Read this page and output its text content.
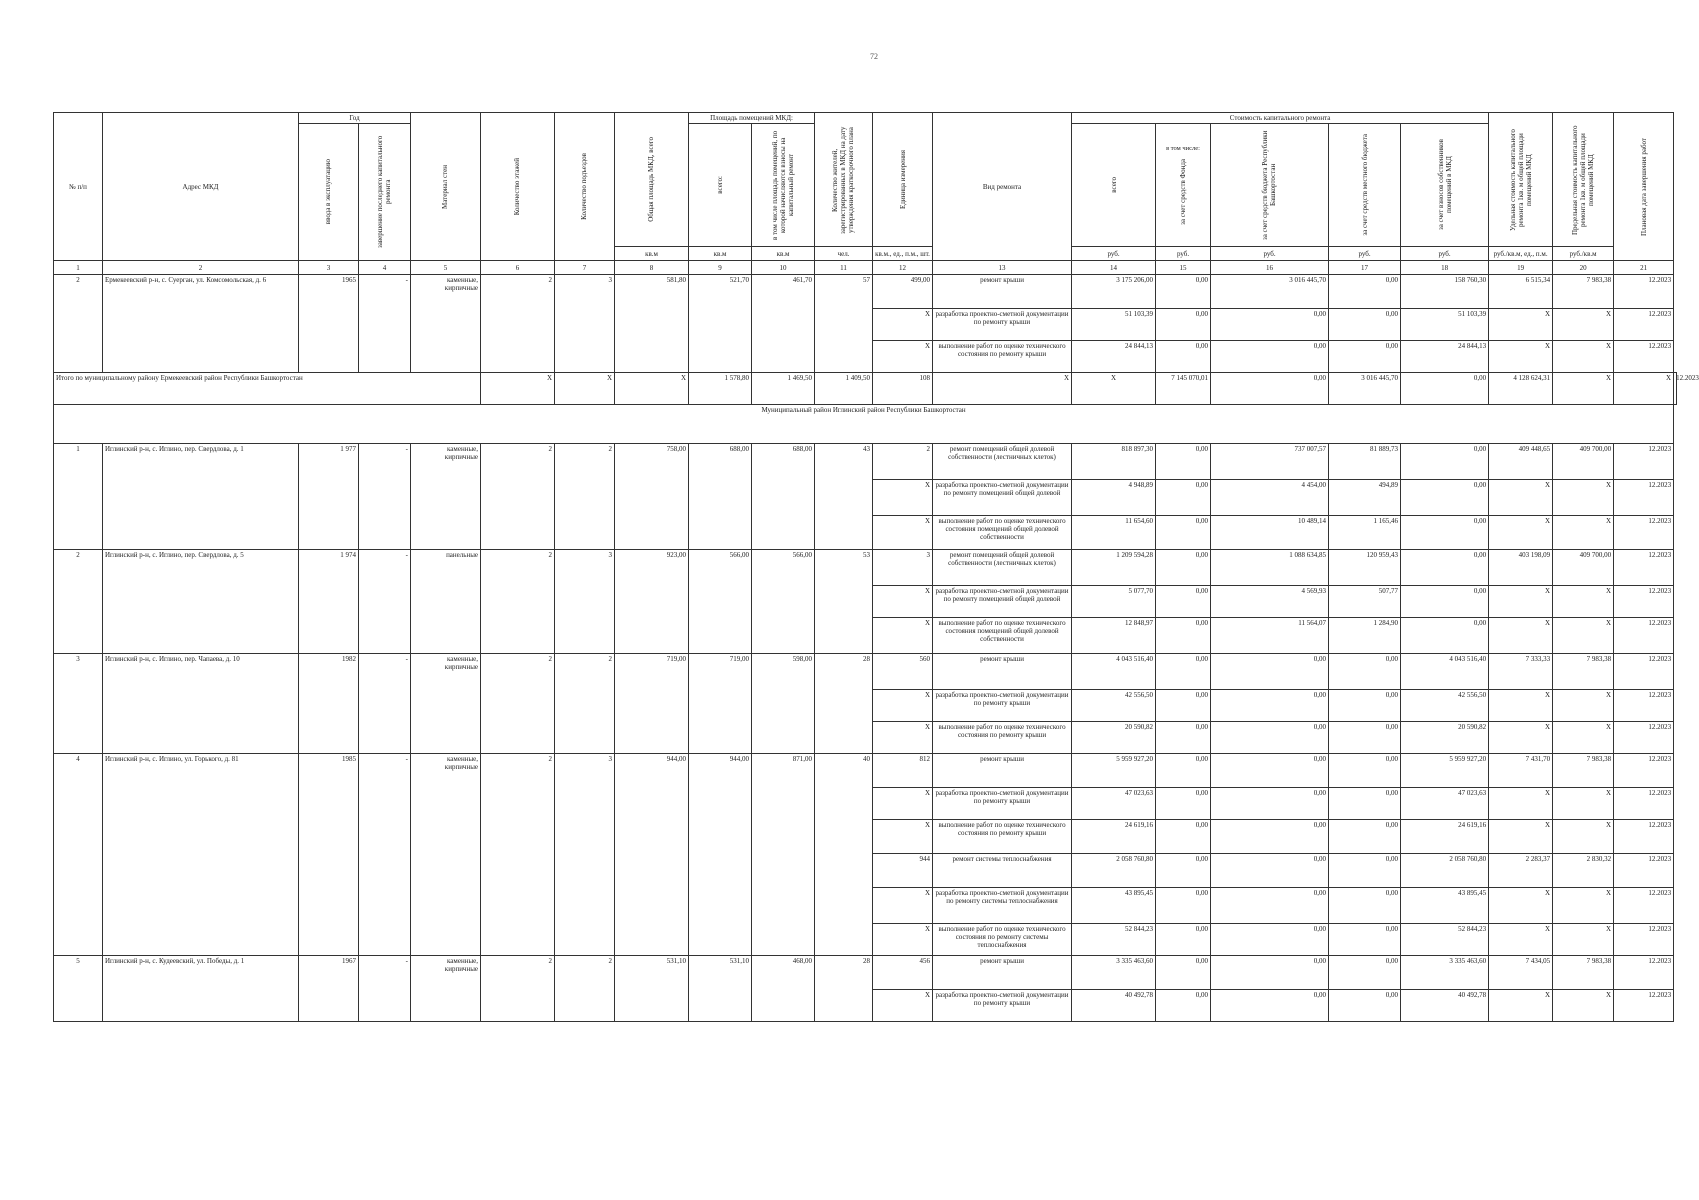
72
№ п/п	Адрес МКД	Год		Материал стен	Количество этажей	Количество подъездов	Общая площадь МКД, всего	Площадь помещений МКД:		Количество жителей, зарегистрированных в МКД на дату утверждения краткосрочного плана	Единица измерения	Вид ремонта	Стоимость капитального ремонта					Удельная стоимость капитального ремонта 1кв. м общей площади помещений МКД	Предельная стоимость капитального ремонта 1кв. м общей площади помещений МКД	Плановая дата завершения работ	

		ввода в эксплуатацию	завершение последнего капитального ремонта					всего:	в том числе площадь помещений, по которой начисляются взносы на капитальный ремонт				всего	в том числе:
за счет средств Фонда	за счет средств бюджета Республики Башкортостан	за счет средств местного бюджета	за счет взносов собственников помещений в МКД				

							кв.м	кв.м	кв.м	чел.	кв.м., ед., п.м., шт.		руб.	руб.	руб.	руб.	руб.	руб./кв.м, ед., п.м.	руб./кв.м		
1	2	3	4	5	6	7	8	9	10	11	12	13	14	15	16	17	18	19	20	21	
2	Ермекеевский р-н, с. Суерган, ул. Комсомольская, д. 6	1965	-	каменные, кирпичные	2	3	581,80	521,70	461,70	57	499,00	ремонт крыши	3 175 206,00	0,00	3 016 445,70	0,00	158 760,30	6 515,34	7 983,38	12.2023	
											X	разработка проектно-сметной документации по ремонту крыши	51 103,39	0,00	0,00	0,00	51 103,39	X	X	12.2023	
											X	выполнение работ по оценке технического состояния по ремонту крыши	24 844,13	0,00	0,00	0,00	24 844,13	X	X	12.2023	
Итого по муниципальному району Ермекеевский район Республики Башкортостан					X	X	X	1 578,80	1 469,50	1 409,50	108	X	X	7 145 070,01	0,00	3 016 445,70	0,00	4 128 624,31	X	X	12.2023
Муниципальный район Иглинский район Республики Башкортостан																					
1	Иглинский р-н, с. Иглино, пер. Свердлова, д. 1	1 977	-	каменные, кирпичные	2	2	758,00	688,00	688,00	43	2	ремонт помещений общей долевой собственности (лестничных клеток)	818 897,30	0,00	737 007,57	81 889,73	0,00	409 448,65	409 700,00	12.2023	
											X	разработка проектно-сметной документации по ремонту помещений общей долевой	4 948,89	0,00	4 454,00	494,89	0,00	X	X	12.2023	
											X	выполнение работ по оценке технического состояния помещений общей долевой собственности	11 654,60	0,00	10 489,14	1 165,46	0,00	X	X	12.2023	
2	Иглинский р-н, с. Иглино, пер. Свердлова, д. 5	1 974	-	панельные	2	3	923,00	566,00	566,00	53	3	ремонт помещений общей долевой собственности (лестничных клеток)	1 209 594,28	0,00	1 088 634,85	120 959,43	0,00	403 198,09	409 700,00	12.2023	
											X	разработка проектно-сметной документации по ремонту помещений общей долевой	5 077,70	0,00	4 569,93	507,77	0,00	X	X	12.2023	
											X	выполнение работ по оценке технического состояния помещений общей долевой собственности	12 848,97	0,00	11 564,07	1 284,90	0,00	X	X	12.2023	
3	Иглинский р-н, с. Иглино, пер. Чапаева, д. 10	1982	-	каменные, кирпичные	2	2	719,00	719,00	598,00	28	560	ремонт крыши	4 043 516,40	0,00	0,00	0,00	4 043 516,40	7 333,33	7 983,38	12.2023	
											X	разработка проектно-сметной документации по ремонту крыши	42 556,50	0,00	0,00	0,00	42 556,50	X	X	12.2023	
											X	выполнение работ по оценке технического состояния по ремонту крыши	20 590,82	0,00	0,00	0,00	20 590,82	X	X	12.2023	
4	Иглинский р-н, с. Иглино, ул. Горького, д. 81	1985	-	каменные, кирпичные	2	3	944,00	944,00	871,00	40	812	ремонт крыши	5 959 927,20	0,00	0,00	0,00	5 959 927,20	7 431,70	7 983,38	12.2023	
											X	разработка проектно-сметной документации по ремонту крыши	47 023,63	0,00	0,00	0,00	47 023,63	X	X	12.2023	
											X	выполнение работ по оценке технического состояния по ремонту крыши	24 619,16	0,00	0,00	0,00	24 619,16	X	X	12.2023	
											944	ремонт системы теплоснабжения	2 058 760,80	0,00	0,00	0,00	2 058 760,80	2 283,37	2 830,32	12.2023	
											X	разработка проектно-сметной документации по ремонту системы теплоснабжения	43 895,45	0,00	0,00	0,00	43 895,45	X	X	12.2023	
											X	выполнение работ по оценке технического состояния по ремонту системы теплоснабжения	52 844,23	0,00	0,00	0,00	52 844,23	X	X	12.2023	
5	Иглинский р-н, с. Кудеевский, ул. Победы, д. 1	1967	-	каменные, кирпичные	2	2	531,10	531,10	468,00	28	456	ремонт крыши	3 335 463,60	0,00	0,00	0,00	3 335 463,60	7 434,05	7 983,38	12.2023	
											X	разработка проектно-сметной документации по ремонту крыши	40 492,78	0,00	0,00	0,00	40 492,78	X	X	12.2023	
